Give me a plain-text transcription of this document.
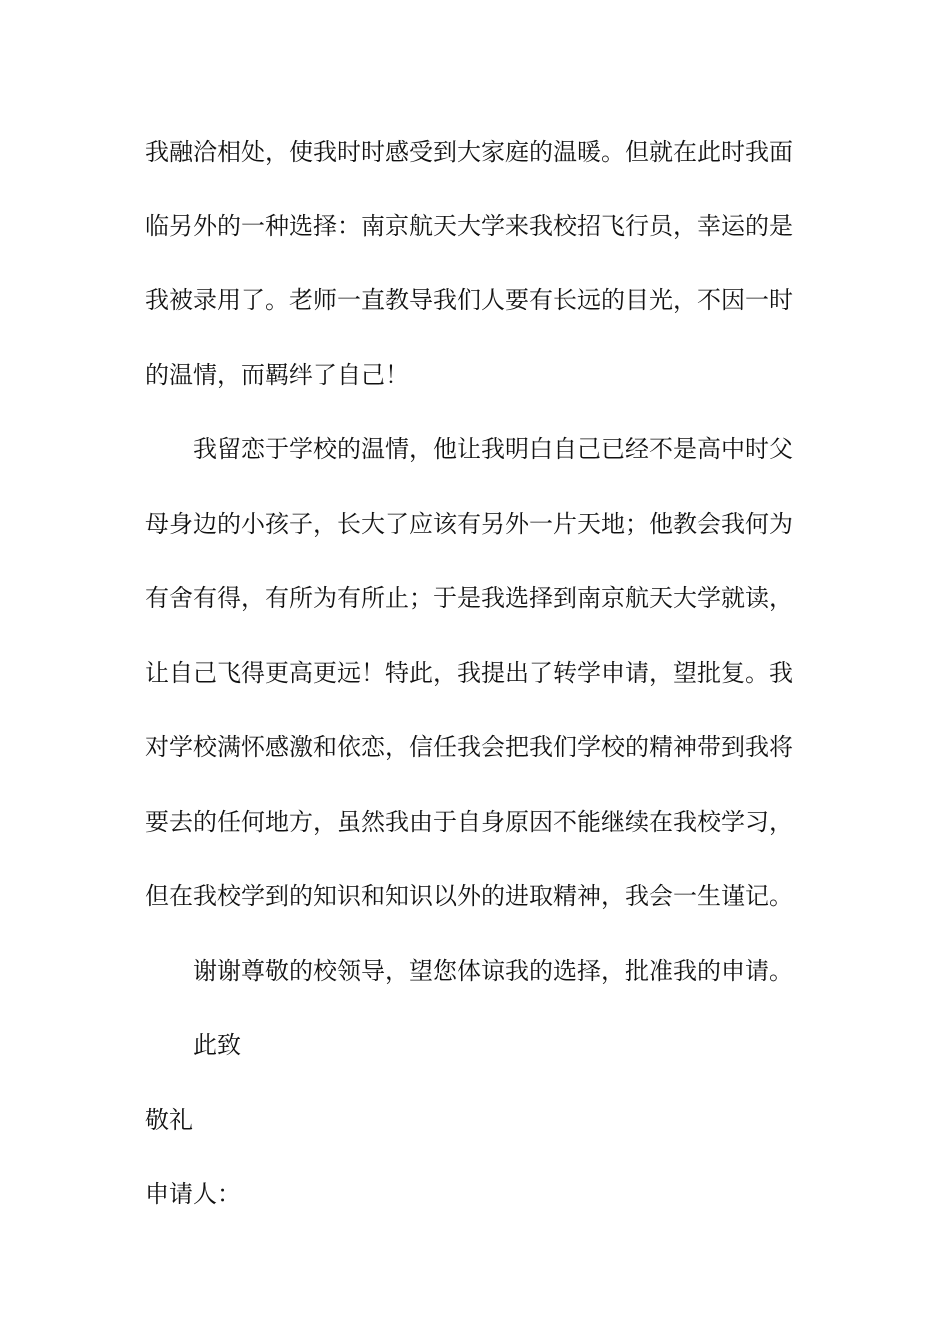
我融洽相处，使我时时感受到大家庭的温暖。但就在此时我面
临另外的一种选择：南京航天大学来我校招飞行员，幸运的是
我被录用了。老师一直教导我们人要有长远的目光，不因一时
的温情，而羁绊了自己！
我留恋于学校的温情，他让我明白自己已经不是高中时父
母身边的小孩子，长大了应该有另外一片天地；他教会我何为
有舍有得，有所为有所止；于是我选择到南京航天大学就读，
让自己飞得更高更远！特此，我提出了转学申请，望批复。我
对学校满怀感激和依恋，信任我会把我们学校的精神带到我将
要去的任何地方，虽然我由于自身原因不能继续在我校学习，
但在我校学到的知识和知识以外的进取精神，我会一生谨记。
谢谢尊敬的校领导，望您体谅我的选择，批准我的申请。
此致
敬礼
申请人：
